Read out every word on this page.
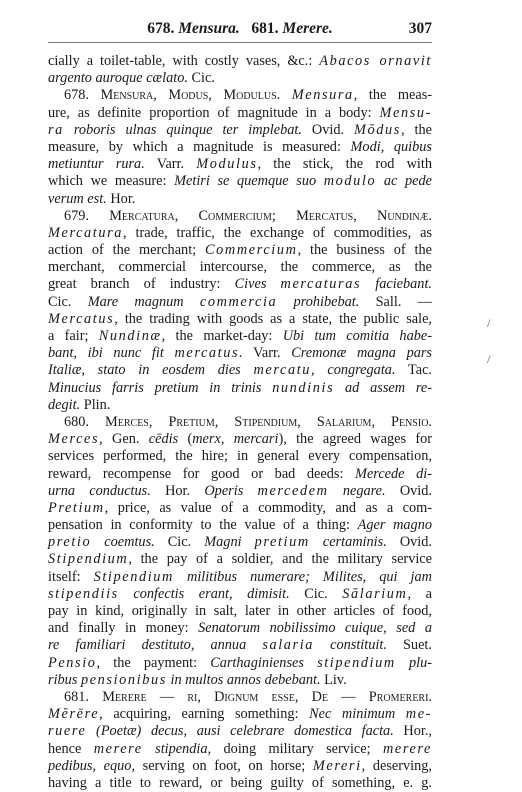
678. Mensura. 681. Merere.	307
cially a toilet-table, with costly vases, &c.: Abacos ornavit
argento auroque cælato. Cic.
678. Mensura, Modus, Modulus. Mensura, the meas-
ure, as definite proportion of magnitude in a body: Mensu-
ra roboris ulnas quinque ter implebat. Ovid. Mŏdus, the
measure, by which a magnitude is measured: Modi, quibus
metiuntur rura. Varr. Modulus, the stick, the rod with
which we measure: Metiri se quemque suo modulo ac pede
verum est. Hor.
679. Mercatura, Commercium; Mercatus, Nundinæ.
Mercatura, trade, traffic, the exchange of commodities, as
action of the merchant; Commercium, the business of the
merchant, commercial intercourse, the commerce, as the
great branch of industry: Cives mercaturas faciebant.
Cic. Mare magnum commercia prohibebat. Sall. —
Mercatus, the trading with goods as a state, the public sale,
a fair; Nundinæ, the market-day: Ubi tum comitia habe-
bant, ibi nunc fit mercatus. Varr. Cremonæ magna pars
Italiæ, stato in eosdem dies mercatu, congregata. Tac.
Minucius farris pretium in trinis nundinis ad assem re-
degit. Plin.
680. Merces, Pretium, Stipendium, Salarium, Pensio.
Merces, Gen. cēdis (merx, mercari), the agreed wages for
services performed, the hire; in general every compensation,
reward, recompense for good or bad deeds: Mercede di-
urna conductus. Hor. Operis mercedem negare. Ovid.
Pretium, price, as value of a commodity, and as a com-
pensation in conformity to the value of a thing: Ager magno
pretio coemtus. Cic. Magni pretium certaminis. Ovid.
Stipendium, the pay of a soldier, and the military service
itself: Stipendium militibus numerare; Milites, qui jam
stipendiis confectis erant, dimisit. Cic. Sălarium, a
pay in kind, originally in salt, later in other articles of food,
and finally in money: Senatorum nobilissimo cuique, sed a
re familiari destituto, annua salaria constituit. Suet.
Pensio, the payment: Carthaginienses stipendium plu-
ribus pensionibus in multos annos debebant. Liv.
681. Merere — ri, Dignum esse, De — Promereri.
Mĕrēre, acquiring, earning something: Nec minimum me-
ruere (Poetæ) decus, ausi celebrare domestica facta. Hor.,
hence merere stipendia, doing military service; merere
pedibus, equo, serving on foot, on horse; Mereri, deserving,
having a title to reward, or being guilty of something, e. g.
/
/
